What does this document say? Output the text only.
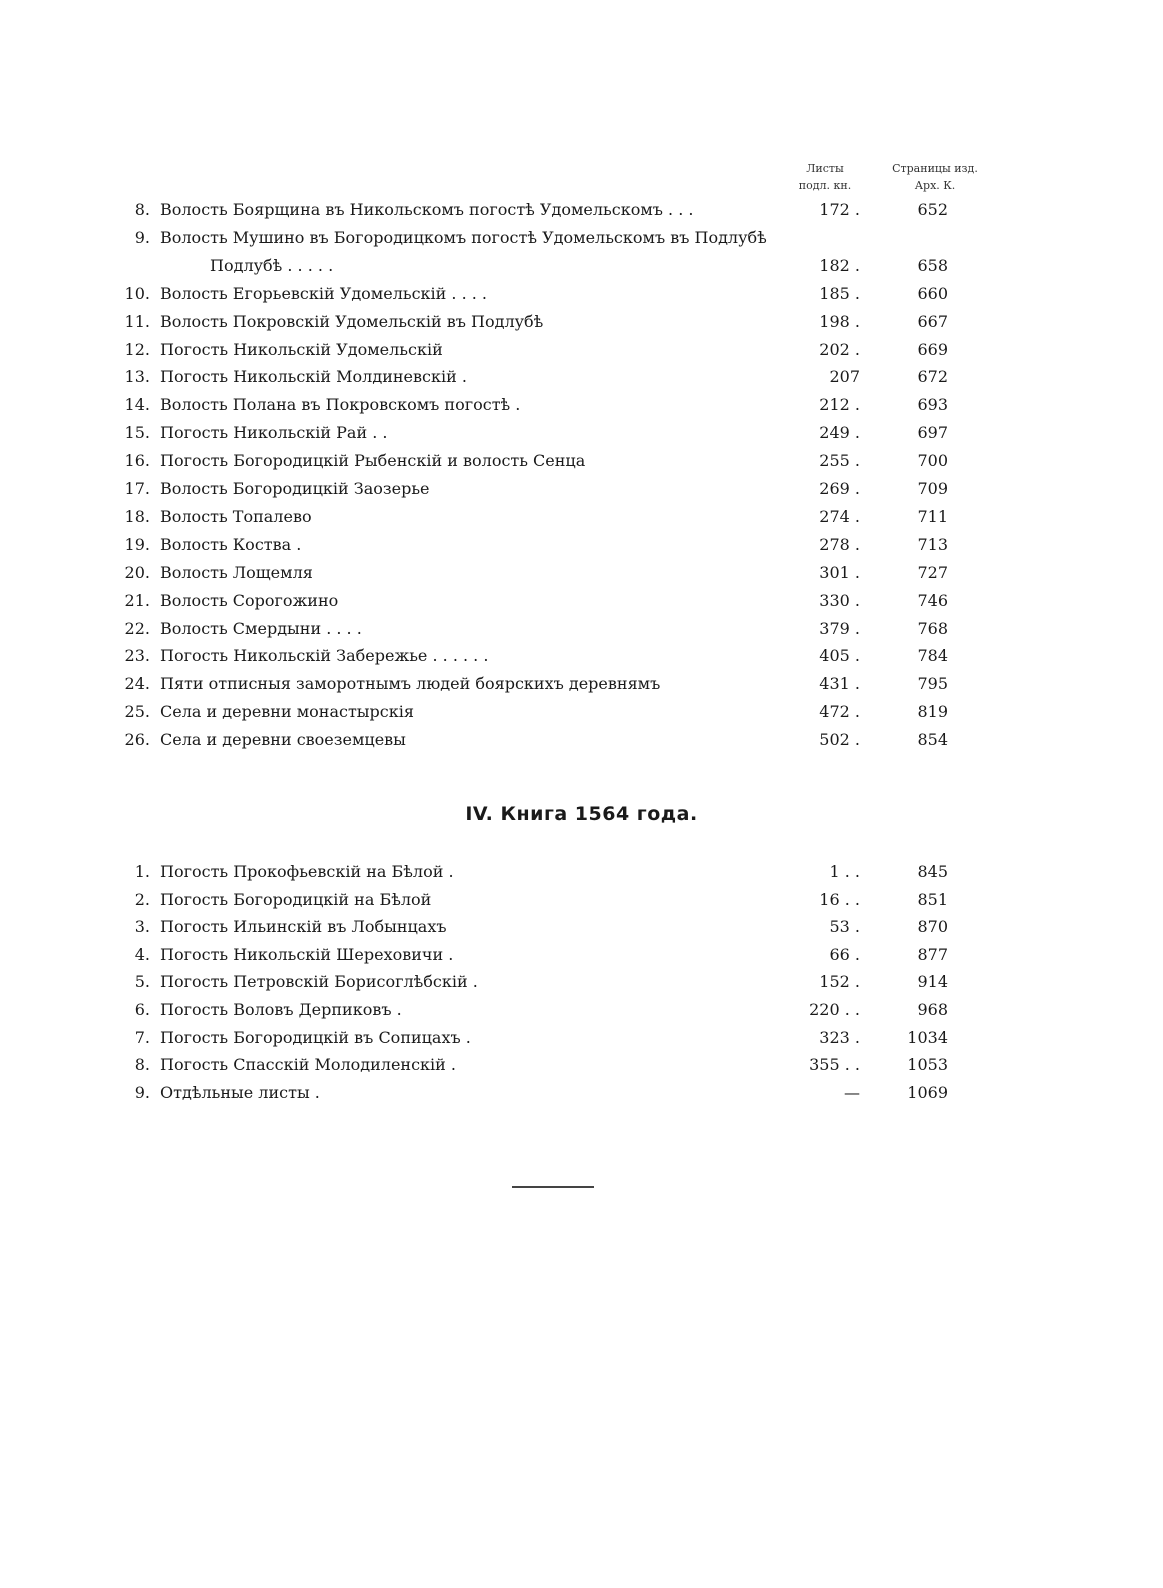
Листы
подл. кн.
Страницы изд.
Арх. К.
8. Волость Боярщина въ Никольскомъ погостѣ Удомельскомъ . . .	172 .	652
9. Волость Мушино въ Богородицкомъ погостѣ Удомельскомъ въ Подлубѣ
Подлубѣ . . . . .	182 .	658
10. Волость Егорьевскій Удомельскій . . . .	185 .	660
11. Волость Покровскій Удомельскій въ Подлубѣ	198 .	667
12. Погость Никольскій Удомельскій	202 .	669
13. Погость Никольскій Молдиневскій .	207	672
14. Волость Полана въ Покровскомъ погостѣ .	212 .	693
15. Погость Никольскій Рай . .	249 .	697
16. Погость Богородицкій Рыбенскій и волость Сенца	255 .	700
17. Волость Богородицкій Заозерье	269 .	709
18. Волость Топалево	274 .	711
19. Волость Коства .	278 .	713
20. Волость Лощемля	301 .	727
21. Волость Сорогожино	330 .	746
22. Волость Смердыни . . . .	379 .	768
23. Погость Никольскій Забережье . . . . . .	405 .	784
24. Пяти отписныя заморотнымъ людей боярскихъ деревнямъ	431 .	795
25. Села и деревни монастырскія	472 .	819
26. Села и деревни своеземцевы	502 .	854
IV. Книга 1564 года.
1. Погость Прокофьевскій на Бѣлой .	1 . .	845
2. Погость Богородицкій на Бѣлой	16 . .	851
3. Погость Ильинскій въ Лобынцахъ	53 .	870
4. Погость Никольскій Шереховичи .	66 .	877
5. Погость Петровскій Борисоглѣбскій .	152 .	914
6. Погость Воловъ Дерпиковъ .	220 . .	968
7. Погость Богородицкій въ Сопицахъ .	323 .	1034
8. Погость Спасскій Молодиленскій .	355 . .	1053
9. Отдѣльные листы .	—	1069
